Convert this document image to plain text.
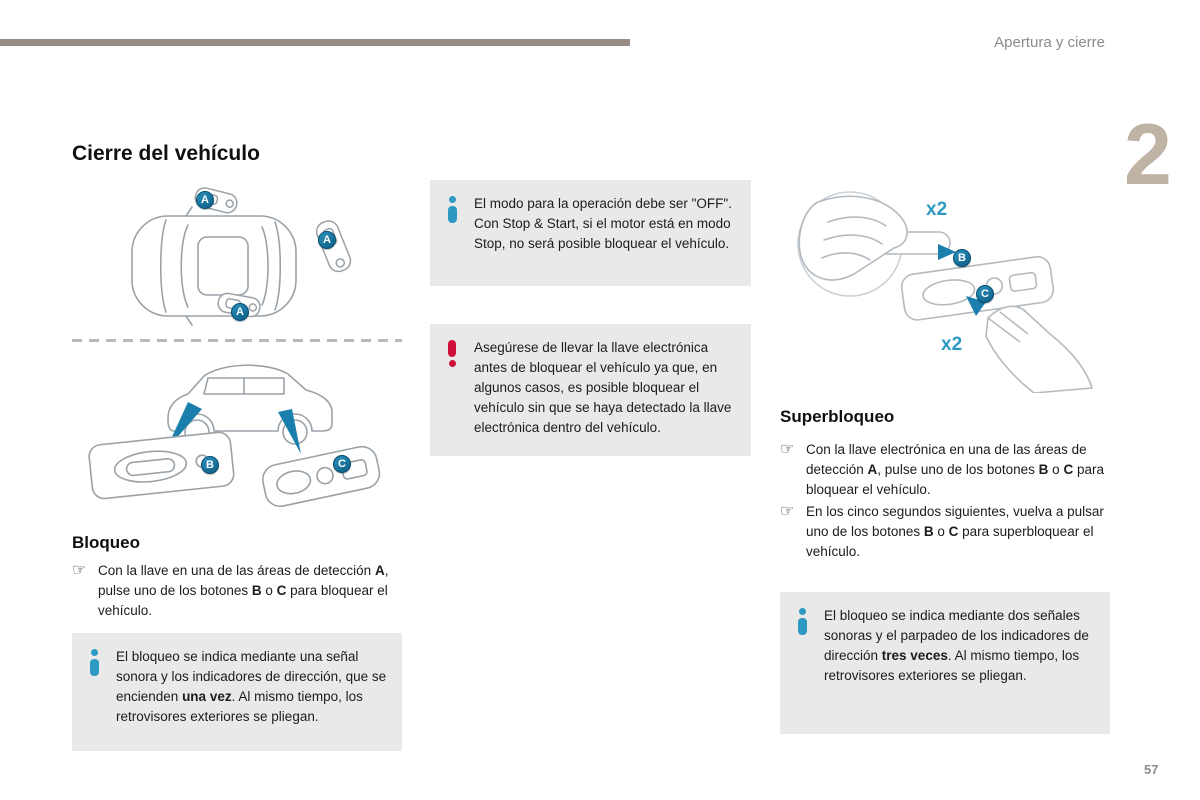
Apertura y cierre
2
57
Cierre del vehículo
A
A
A
B	C
Bloqueo
☞ Con la llave en una de las áreas de detección A, pulse uno de los botones B o C para bloquear el vehículo.

El bloqueo se indica mediante una señal sonora y los indicadores de dirección, que se encienden una vez. Al mismo tiempo, los retrovisores exteriores se pliegan.

El modo para la operación debe ser "OFF". Con Stop & Start, si el motor está en modo Stop, no será posible bloquear el vehículo.

Asegúrese de llevar la llave electrónica antes de bloquear el vehículo ya que, en algunos casos, es posible bloquear el vehículo sin que se haya detectado la llave electrónica dentro del vehículo.

x2
x2
B
C
Superbloqueo
☞ Con la llave electrónica en una de las áreas de detección A, pulse uno de los botones B o C para bloquear el vehículo.

☞ En los cinco segundos siguientes, vuelva a pulsar uno de los botones B o C para superbloquear el vehículo.

El bloqueo se indica mediante dos señales sonoras y el parpadeo de los indicadores de dirección tres veces. Al mismo tiempo, los retrovisores exteriores se pliegan.
